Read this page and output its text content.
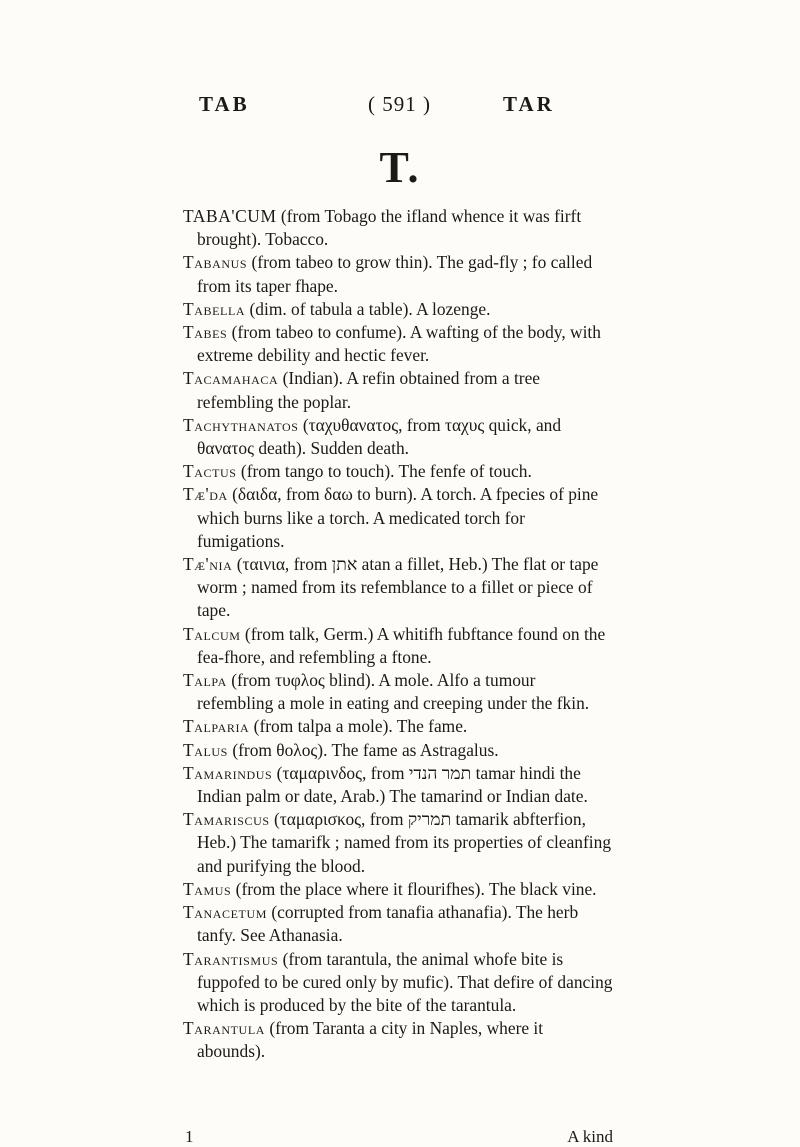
TAB	( 591 )	TAR
T.

TABA'CUM (from Tobago the ifland whence it was firft brought). Tobacco.

Tabanus (from tabeo to grow thin). The gad-fly ; fo called from its taper fhape.

Tabella (dim. of tabula a table). A lozenge.

Tabes (from tabeo to confume). A wafting of the body, with extreme debility and hectic fever.

Tacamahaca (Indian). A refin obtained from a tree refembling the poplar.

Tachythanatos (ταχυθανατος, from ταχυς quick, and θανατος death). Sudden death.

Tactus (from tango to touch). The fenfe of touch.

Tæ'da (δαιδα, from δαω to burn). A torch. A fpecies of pine which burns like a torch. A medicated torch for fumigations.

Tæ'nia (ταινια, from אתן atan a fillet, Heb.) The flat or tape worm ; named from its refemblance to a fillet or piece of tape.

Talcum (from talk, Germ.) A whitifh fubftance found on the fea-fhore, and refembling a ftone.

Talpa (from τυφλος blind). A mole. Alfo a tumour refembling a mole in eating and creeping under the fkin.

Talparia (from talpa a mole). The fame.

Talus (from θολος). The fame as Astragalus.

Tamarindus (ταμαρινδος, from תמר הנדי tamar hindi the Indian palm or date, Arab.) The tamarind or Indian date.

Tamariscus (ταμαρισκος, from תמריק tamarik abfterfion, Heb.) The tamarifk ; named from its properties of cleanfing and purifying the blood.

Tamus (from the place where it flourifhes). The black vine.

Tanacetum (corrupted from tanafia athanafia). The herb tanfy. See Athanasia.

Tarantismus (from tarantula, the animal whofe bite is fuppofed to be cured only by mufic). That defire of dancing which is produced by the bite of the tarantula.

Tarantula (from Taranta a city in Naples, where it abounds).

1	A kind
